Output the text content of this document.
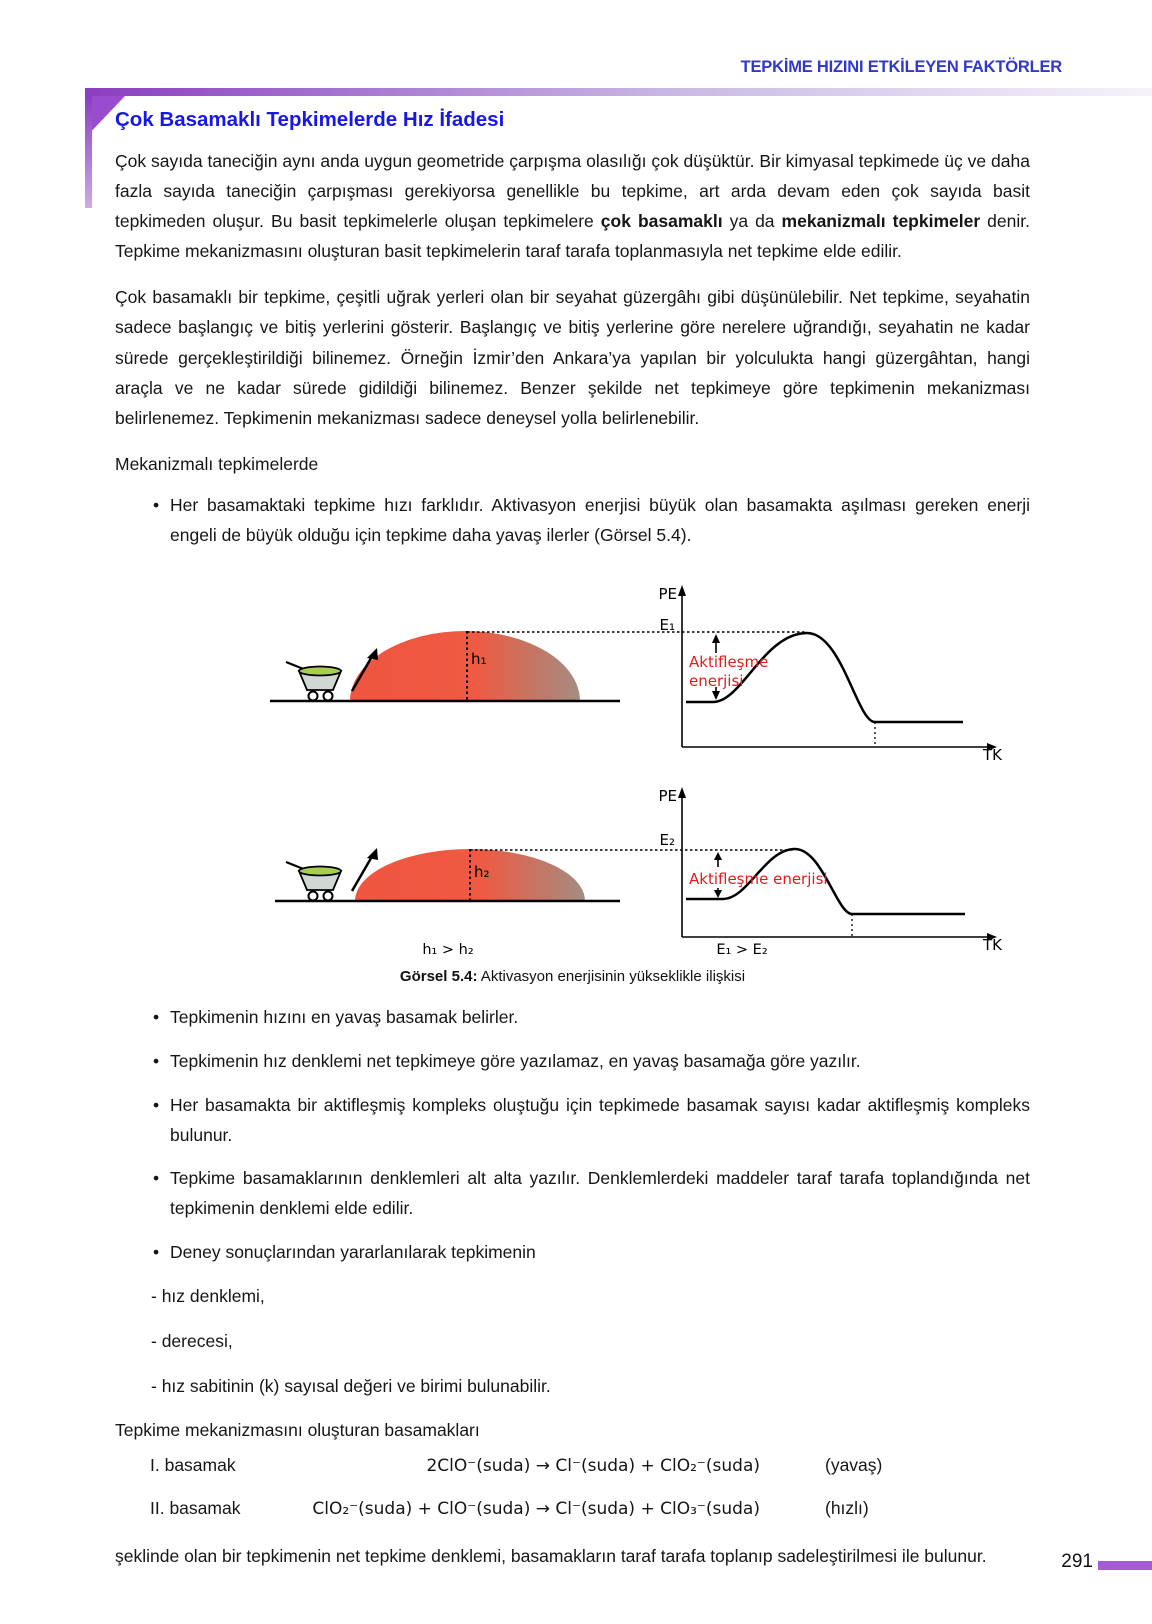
TEPKİME HIZINI ETKİLEYEN FAKTÖRLER
Çok Basamaklı Tepkimelerde Hız İfadesi

Çok sayıda taneciğin aynı anda uygun geometride çarpışma olasılığı çok düşüktür. Bir kimyasal tepkimede üç ve daha fazla sayıda taneciğin çarpışması gerekiyorsa genellikle bu tepkime, art arda devam eden çok sayıda basit tepkimeden oluşur. Bu basit tepkimelerle oluşan tepkimelere çok basamaklı ya da mekanizmalı tepkimeler denir. Tepkime mekanizmasını oluşturan basit tepkimelerin taraf tarafa toplanmasıyla net tepkime elde edilir.

Çok basamaklı bir tepkime, çeşitli uğrak yerleri olan bir seyahat güzergâhı gibi düşünülebilir. Net tepkime, seyahatin sadece başlangıç ve bitiş yerlerini gösterir. Başlangıç ve bitiş yerlerine göre nerelere uğrandığı, seyahatin ne kadar sürede gerçekleştirildiği bilinemez. Örneğin İzmir’den Ankara’ya yapılan bir yolculukta hangi güzergâhtan, hangi araçla ve ne kadar sürede gidildiği bilinemez. Benzer şekilde net tepkimeye göre tepkimenin mekanizması belirlenemez. Tepkimenin mekanizması sadece deneysel yolla belirlenebilir.

Mekanizmalı tepkimelerde

• Her basamaktaki tepkime hızı farklıdır. Aktivasyon enerjisi büyük olan basamakta aşılması gereken enerji engeli de büyük olduğu için tepkime daha yavaş ilerler (Görsel 5.4).
h₁
PE
TK
E₁
Aktifleşme
enerjisi
h₂
PE
TK
E₂
Aktifleşme enerjisi
h₁ > h₂	E₁ > E₂
Görsel 5.4: Aktivasyon enerjisinin yükseklikle ilişkisi
• Tepkimenin hızını en yavaş basamak belirler.
• Tepkimenin hız denklemi net tepkimeye göre yazılamaz, en yavaş basamağa göre yazılır.
• Her basamakta bir aktifleşmiş kompleks oluştuğu için tepkimede basamak sayısı kadar aktifleşmiş kompleks bulunur.
• Tepkime basamaklarının denklemleri alt alta yazılır. Denklemlerdeki maddeler taraf tarafa toplandığında net tepkimenin denklemi elde edilir.
• Deney sonuçlarından yararlanılarak tepkimenin
- hız denklemi,
- derecesi,
- hız sabitinin (k) sayısal değeri ve birimi bulunabilir.

Tepkime mekanizmasını oluşturan basamakları

I. basamak	2ClO⁻(suda) → Cl⁻(suda) + ClO₂⁻(suda)	(yavaş)
II. basamak	ClO₂⁻(suda) + ClO⁻(suda) → Cl⁻(suda) + ClO₃⁻(suda)	(hızlı)

şeklinde olan bir tepkimenin net tepkime denklemi, basamakların taraf tarafa toplanıp sadeleştirilmesi ile bulunur.	291
